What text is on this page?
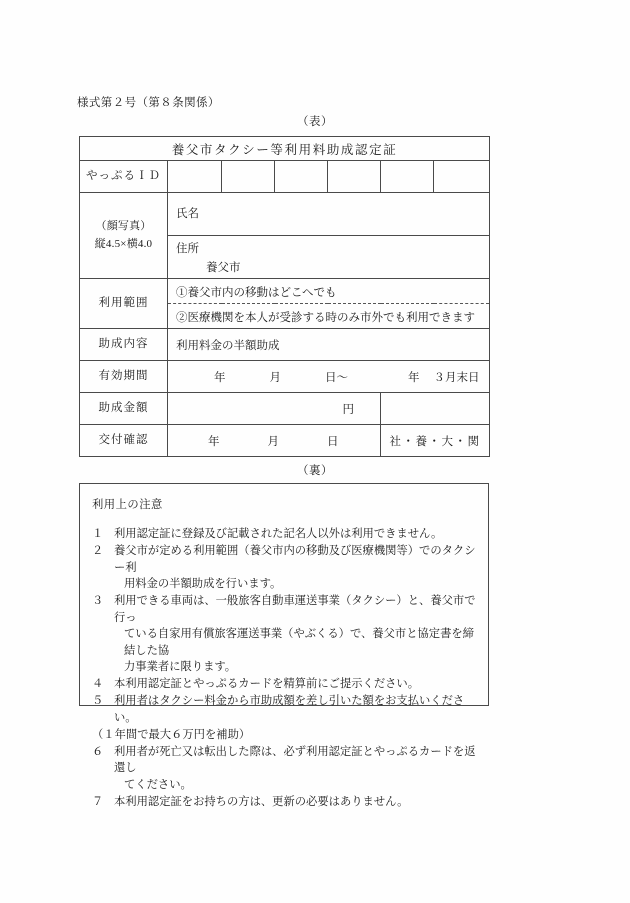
様式第２号（第８条関係）
（表）
養父市タクシー等利用料助成認定証						
やっぷるＩＤ						

（顔写真）
縦4.5×横4.0	氏名					

	住所
養父市					

利用範囲	①養父市内の移動はどこへでも					
	②医療機関を本人が受診する時のみ市外でも利用できます					
助成内容	利用料金の半額助成					
有効期間	年 月 日～ 年 ３月末日					

助成金額	円					
交付確認	年 月 日				社・養・大・関	
（裏）
利用上の注意
１ 利用認定証に登録及び記載された記名人以外は利用できません。
２ 養父市が定める利用範囲（養父市内の移動及び医療機関等）でのタクシー利
用料金の半額助成を行います。
３ 利用できる車両は、一般旅客自動車運送事業（タクシー）と、養父市で行っ
ている自家用有償旅客運送事業（やぶくる）で、養父市と協定書を締結した協
力事業者に限ります。
４ 本利用認定証とやっぷるカードを精算前にご提示ください。
５ 利用者はタクシー料金から市助成額を差し引いた額をお支払いください。
（１年間で最大６万円を補助）
６ 利用者が死亡又は転出した際は、必ず利用認定証とやっぷるカードを返還し
てください。
７ 本利用認定証をお持ちの方は、更新の必要はありません。
